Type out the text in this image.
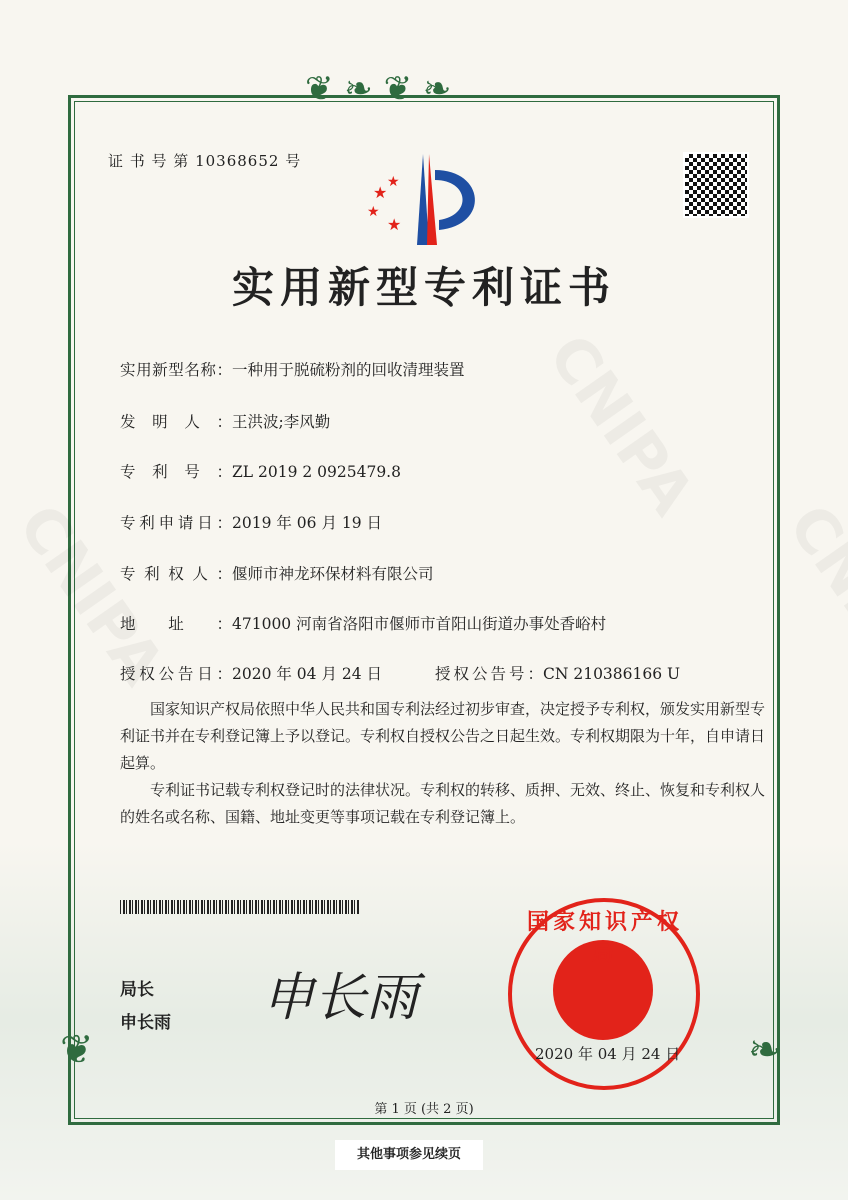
❦ ❧ ❦ ❧
❦	❧
证 书 号 第 10368652 号
★
★
★
★
实用新型专利证书
实用新型名称：一种用于脱硫粉剂的回收清理装置
发明人：王洪波;李风勤
专利号：ZL 2019 2 0925479.8
专利申请日：2019 年 06 月 19 日
专利权人：偃师市神龙环保材料有限公司
地址：471000 河南省洛阳市偃师市首阳山街道办事处香峪村
授权公告日：2020 年 04 月 24 日	授权公告号：CN 210386166 U

国家知识产权局依照中华人民共和国专利法经过初步审查，决定授予专利权，颁发实用新型专利证书并在专利登记簿上予以登记。专利权自授权公告之日起生效。专利权期限为十年，自申请日起算。

专利证书记载专利权登记时的法律状况。专利权的转移、质押、无效、终止、恢复和专利权人的姓名或名称、国籍、地址变更等事项记载在专利登记簿上。

局长
申长雨 申长雨
国家知识产权局
2020 年 04 月 24 日
第 1 页 (共 2 页)
其他事项参见续页
